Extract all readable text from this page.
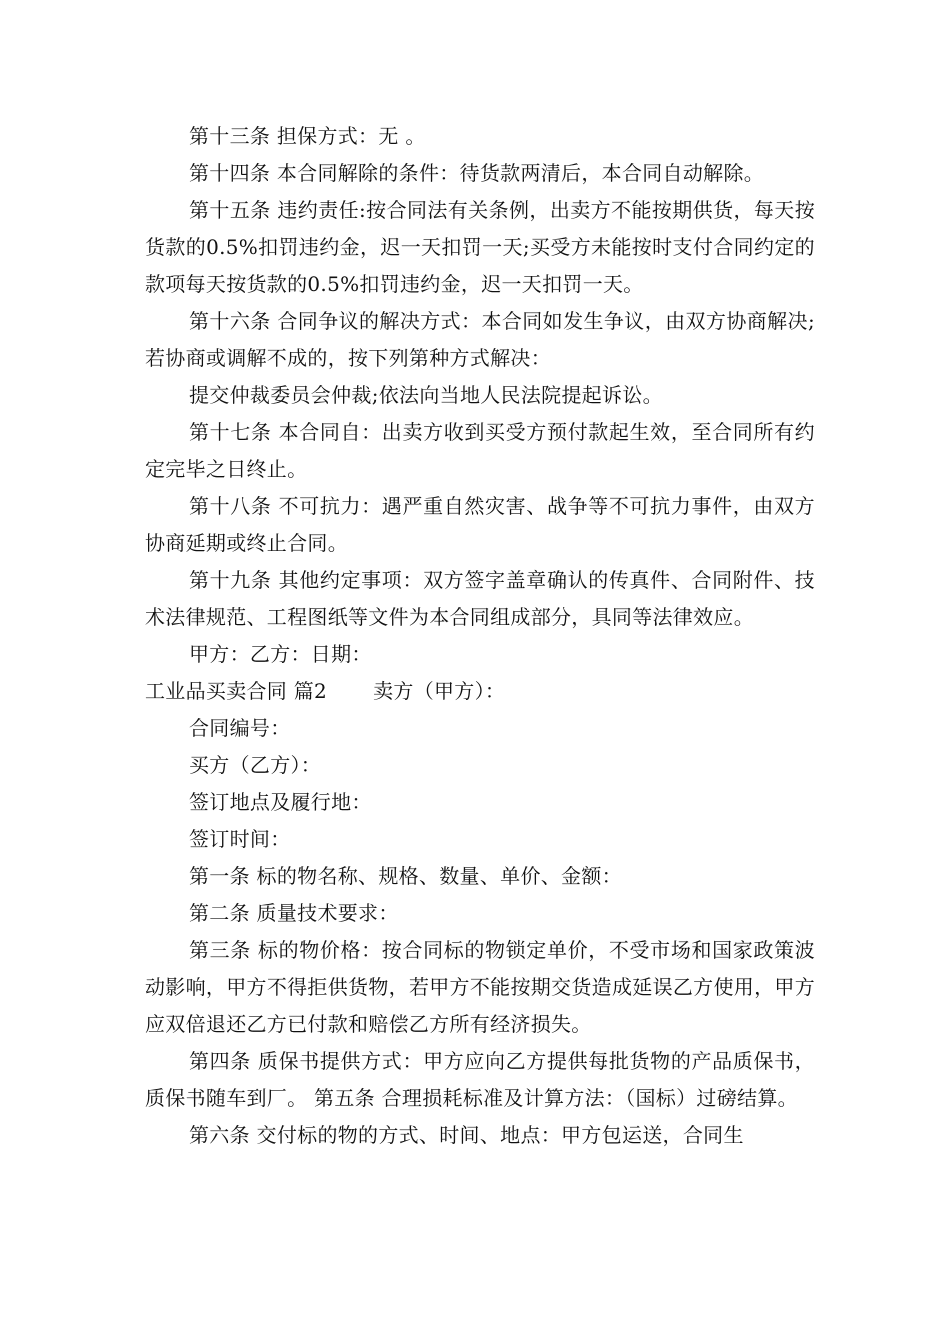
第十三条 担保方式：无 。

第十四条 本合同解除的条件：待货款两清后，本合同自动解除。

第十五条 违约责任:按合同法有关条例，出卖方不能按期供货，每天按货款的0.5%扣罚违约金，迟一天扣罚一天;买受方未能按时支付合同约定的款项每天按货款的0.5%扣罚违约金，迟一天扣罚一天。

第十六条 合同争议的解决方式：本合同如发生争议，由双方协商解决;若协商或调解不成的，按下列第种方式解决：

提交仲裁委员会仲裁;依法向当地人民法院提起诉讼。

第十七条 本合同自：出卖方收到买受方预付款起生效，至合同所有约定完毕之日终止。

第十八条 不可抗力：遇严重自然灾害、战争等不可抗力事件，由双方协商延期或终止合同。

第十九条 其他约定事项：双方签字盖章确认的传真件、合同附件、技术法律规范、工程图纸等文件为本合同组成部分，具同等法律效应。

甲方：乙方：日期：

工业品买卖合同 篇2 卖方（甲方）：

合同编号：

买方（乙方）：

签订地点及履行地：

签订时间：

第一条 标的物名称、规格、数量、单价、金额：

第二条 质量技术要求：

第三条 标的物价格：按合同标的物锁定单价，不受市场和国家政策波动影响，甲方不得拒供货物，若甲方不能按期交货造成延误乙方使用，甲方应双倍退还乙方已付款和赔偿乙方所有经济损失。

第四条 质保书提供方式：甲方应向乙方提供每批货物的产品质保书，质保书随车到厂。 第五条 合理损耗标准及计算方法：（国标）过磅结算。

第六条 交付标的物的方式、时间、地点：甲方包运送，合同生
